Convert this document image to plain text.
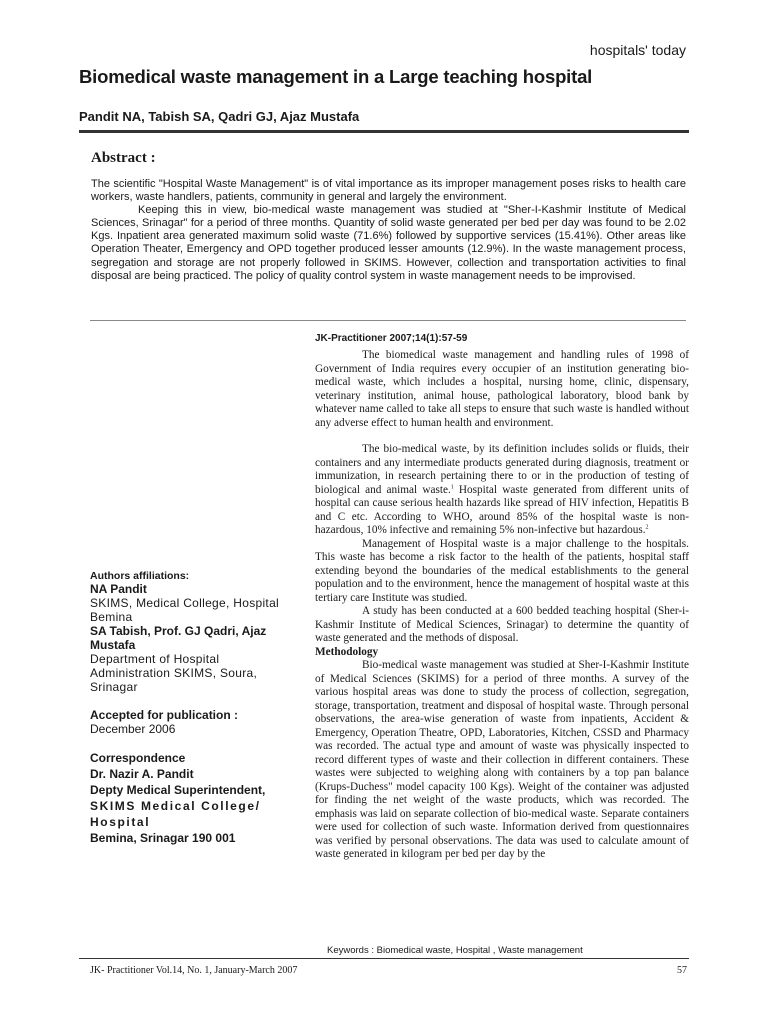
hospitals' today
Biomedical waste management in a Large teaching hospital
Pandit NA, Tabish SA, Qadri GJ, Ajaz Mustafa
Abstract :

The scientific "Hospital Waste Management" is of vital importance as its improper management poses risks to health care workers, waste handlers, patients, community in general and largely the environment.

Keeping this in view, bio-medical waste management was studied at "Sher-I-Kashmir Institute of Medical Sciences, Srinagar" for a period of three months. Quantity of solid waste generated per bed per day was found to be 2.02 Kgs. Inpatient area generated maximum solid waste (71.6%) followed by supportive services (15.41%). Other areas like Operation Theater, Emergency and OPD together produced lesser amounts (12.9%). In the waste management process, segregation and storage are not properly followed in SKIMS. However, collection and transportation activities to final disposal are being practiced. The policy of quality control system in waste management needs to be improvised.

JK-Practitioner 2007;14(1):57-59

The biomedical waste management and handling rules of 1998 of Government of India requires every occupier of an institution generating bio-medical waste, which includes a hospital, nursing home, clinic, dispensary, veterinary institution, animal house, pathological laboratory, blood bank by whatever name called to take all steps to ensure that such waste is handled without any adverse effect to human health and environment.

The bio-medical waste, by its definition includes solids or fluids, their containers and any intermediate products generated during diagnosis, treatment or immunization, in research pertaining there to or in the production of testing of biological and animal waste.$^1$ Hospital waste generated from different units of hospital can cause serious health hazards like spread of HIV infection, Hepatitis B and C etc. According to WHO, around 85% of the hospital waste is non-hazardous, 10% infective and remaining 5% non-infective but hazardous.$^2$

Management of Hospital waste is a major challenge to the hospitals. This waste has become a risk factor to the health of the patients, hospital staff extending beyond the boundaries of the medical establishments to the general population and to the environment, hence the management of hospital waste at this tertiary care Institute was studied.

A study has been conducted at a 600 bedded teaching hospital (Sher-i-Kashmir Institute of Medical Sciences, Srinagar) to determine the quantity of waste generated and the methods of disposal.

Methodology

Bio-medical waste management was studied at Sher-I-Kashmir Institute of Medical Sciences (SKIMS) for a period of three months. A survey of the various hospital areas was done to study the process of collection, segregation, storage, transportation, treatment and disposal of hospital waste. Through personal observations, the area-wise generation of waste from inpatients, Accident & Emergency, Operation Theatre, OPD, Laboratories, Kitchen, CSSD and Pharmacy was recorded. The actual type and amount of waste was physically inspected to record different types of waste and their collection in different containers. These wastes were subjected to weighing along with containers by a top pan balance (Krups-Duchess" model capacity 100 Kgs). Weight of the container was adjusted for finding the net weight of the waste products, which was recorded. The emphasis was laid on separate collection of bio-medical waste. Separate containers were used for collection of such waste. Information derived from questionnaires was verified by personal observations. The data was used to calculate amount of waste generated in kilogram per bed per day by the

Authors affiliations:
NA Pandit
SKIMS, Medical College, Hospital Bemina
SA Tabish, Prof. GJ Qadri, Ajaz Mustafa
Department of Hospital Administration SKIMS, Soura, Srinagar
Accepted for publication :
December 2006
Correspondence
Dr. Nazir A. Pandit
Depty Medical Superintendent,
SKIMS Medical College/ Hospital
Bemina, Srinagar 190 001
Keywords : Biomedical waste, Hospital , Waste management
JK- Practitioner Vol.14, No. 1, January-March 2007	57
